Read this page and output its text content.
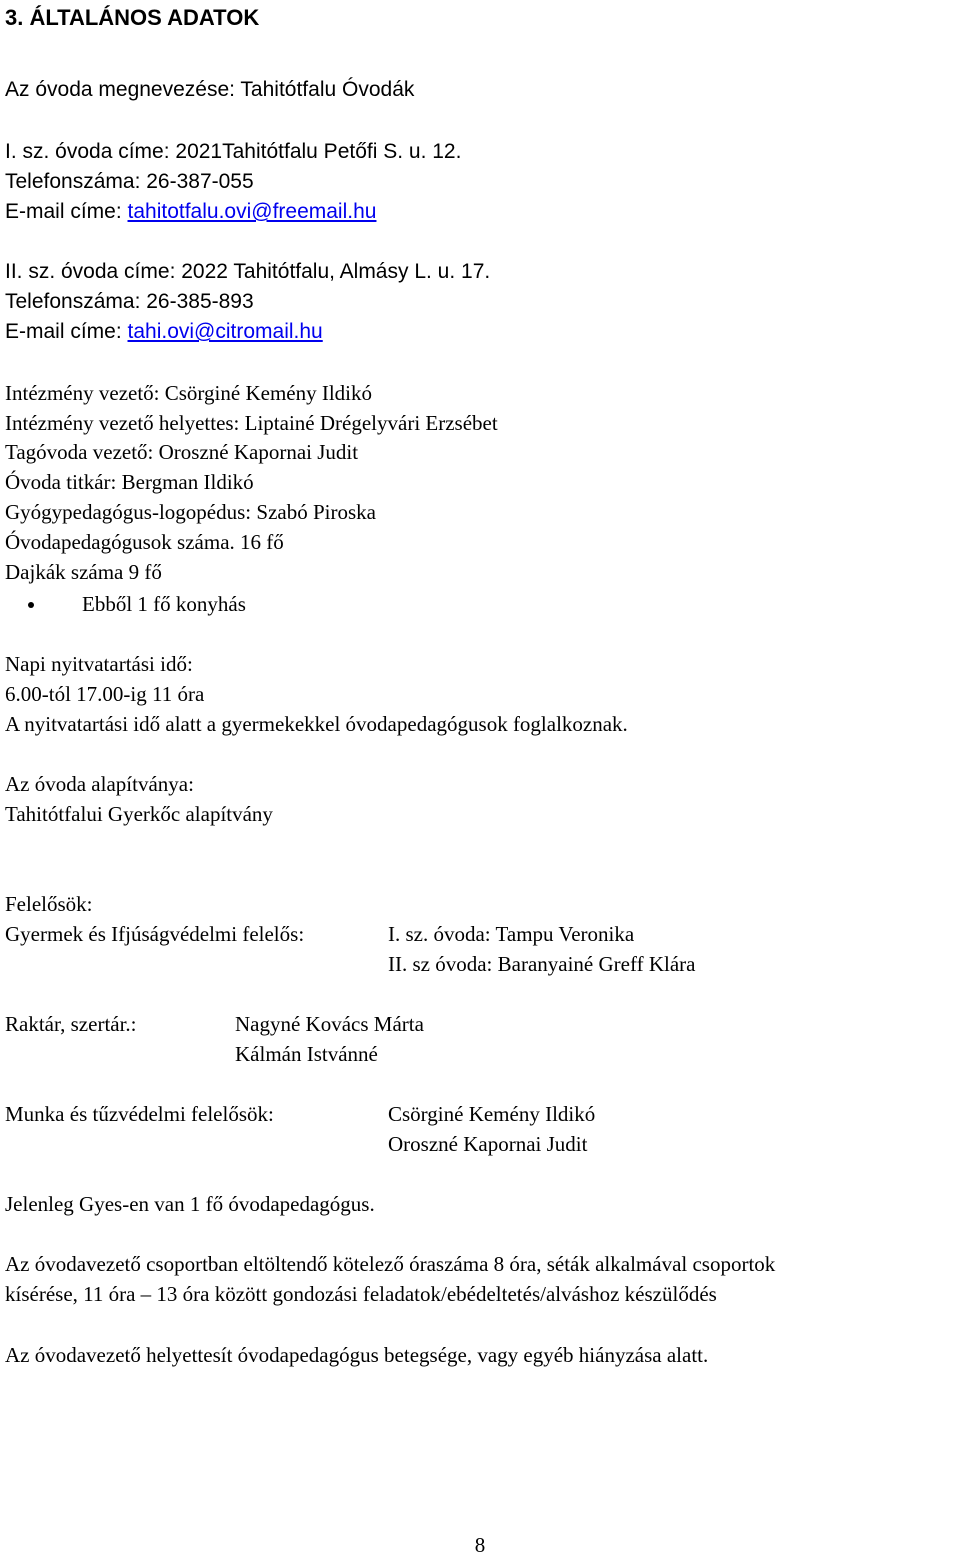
3. ÁLTALÁNOS ADATOK
Az óvoda megnevezése: Tahitótfalu Óvodák
I. sz. óvoda címe: 2021Tahitótfalu Petőfi S. u. 12.
Telefonszáma: 26-387-055
E-mail címe: tahitotfalu.ovi@freemail.hu
II. sz. óvoda címe: 2022 Tahitótfalu, Almásy L. u. 17.
Telefonszáma: 26-385-893
E-mail címe: tahi.ovi@citromail.hu
Intézmény vezető: Csörginé Kemény Ildikó
Intézmény vezető helyettes: Liptainé Drégelyvári Erzsébet
Tagóvoda vezető: Oroszné Kapornai Judit
Óvoda titkár: Bergman Ildikó
Gyógypedagógus-logopédus: Szabó Piroska
Óvodapedagógusok száma. 16 fő
Dajkák száma 9 fő
Ebből 1 fő konyhás
Napi nyitvatartási idő:
6.00-tól 17.00-ig 11 óra
A nyitvatartási idő alatt a gyermekekkel óvodapedagógusok foglalkoznak.
Az óvoda alapítványa:
Tahitótfalui Gyerkőc alapítvány
Felelősök:
Gyermek és Ifjúságvédelmi felelős:	I. sz. óvoda: Tampu Veronika
II. sz óvoda: Baranyainé Greff Klára
Raktár, szertár.:	Nagyné Kovács Márta
Kálmán Istvánné
Munka és tűzvédelmi felelősök:	Csörginé Kemény Ildikó
Oroszné Kapornai Judit
Jelenleg Gyes-en van 1 fő óvodapedagógus.
Az óvodavezető csoportban eltöltendő kötelező óraszáma 8 óra, séták alkalmával csoportok
kísérése, 11 óra – 13 óra között gondozási feladatok/ebédeltetés/alváshoz készülődés
Az óvodavezető helyettesít óvodapedagógus betegsége, vagy egyéb hiányzása alatt.
8
